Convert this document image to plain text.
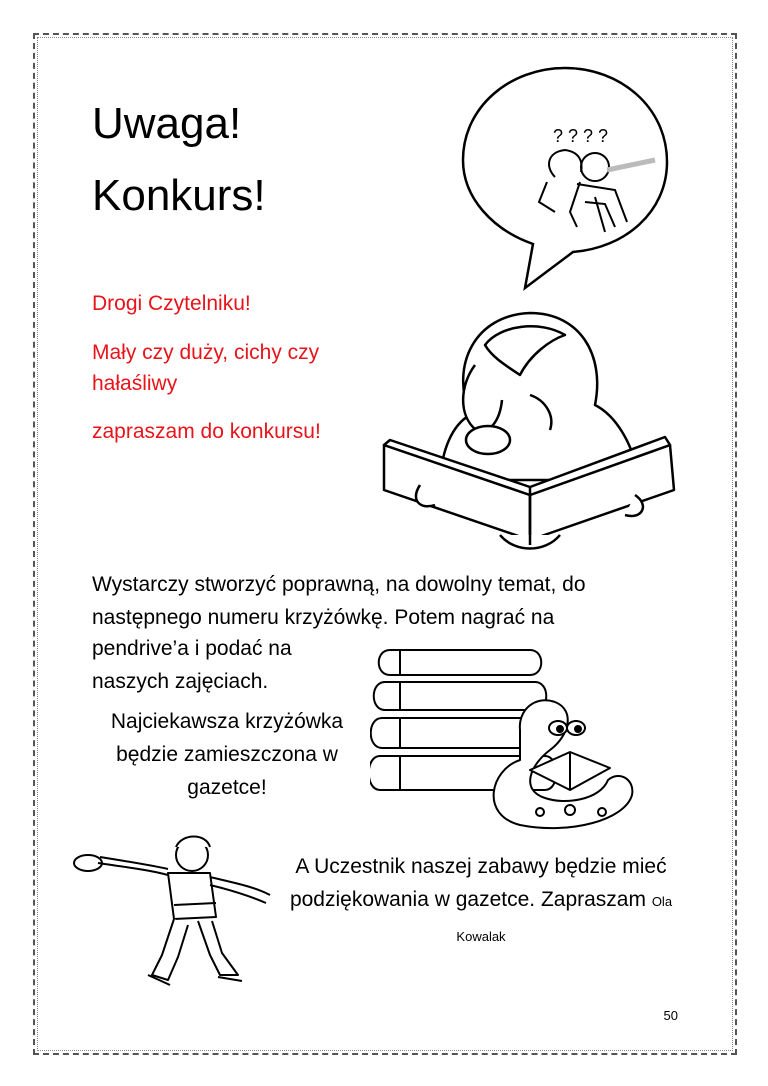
Uwaga!
Konkurs!
? ? ? ?
Drogi Czytelniku!
Mały czy duży, cichy czy hałaśliwy
zapraszam do konkursu!
Wystarczy stworzyć poprawną, na dowolny temat, do następnego numeru krzyżówkę. Potem nagrać na
pendrive’a i podać na naszych zajęciach.
Najciekawsza krzyżówka będzie zamieszczona w gazetce!
A Uczestnik naszej zabawy będzie mieć podziękowania w gazetce. Zapraszam Ola Kowalak
50
